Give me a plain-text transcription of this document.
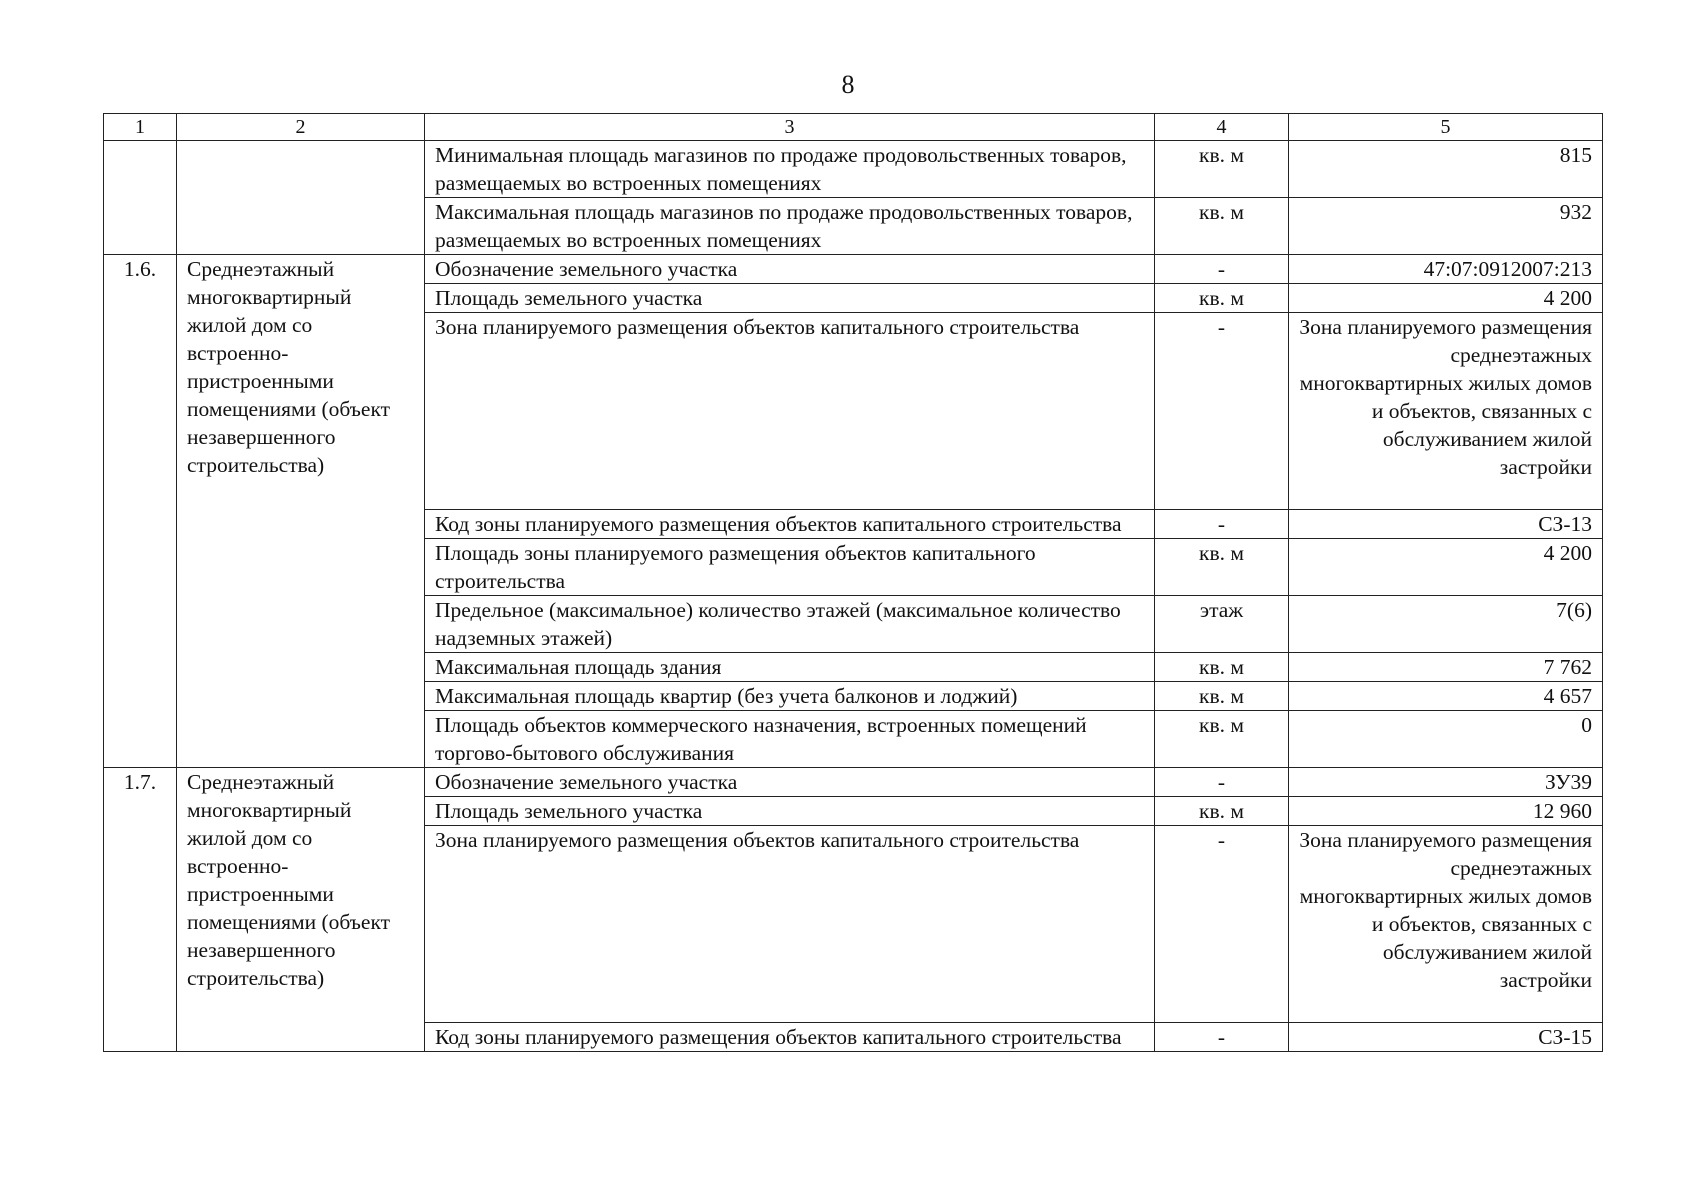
8
1	2	3	4	5
		Минимальная площадь магазинов по продаже продовольственных товаров, размещаемых во встроенных помещениях	кв. м	815
		Максимальная площадь магазинов по продаже продовольственных товаров, размещаемых во встроенных помещениях	кв. м	932
1.6.	Среднеэтажный многоквартирный жилой дом со встроенно-пристроенными помещениями (объект незавершенного строительства)	Обозначение земельного участка	-	47:07:0912007:213
		Площадь земельного участка	кв. м	4 200
		Зона планируемого размещения объектов капитального строительства	-	Зона планируемого размещения среднеэтажных многоквартирных жилых домов и объектов, связанных с обслуживанием жилой застройки
		Код зоны планируемого размещения объектов капитального строительства	-	СЗ-13
		Площадь зоны планируемого размещения объектов капитального строительства	кв. м	4 200
		Предельное (максимальное) количество этажей (максимальное количество надземных этажей)	этаж	7(6)
		Максимальная площадь здания	кв. м	7 762
		Максимальная площадь квартир (без учета балконов и лоджий)	кв. м	4 657
		Площадь объектов коммерческого назначения, встроенных помещений торгово-бытового обслуживания	кв. м	0
1.7.	Среднеэтажный многоквартирный жилой дом со встроенно-пристроенными помещениями (объект незавершенного строительства)	Обозначение земельного участка	-	ЗУ39
		Площадь земельного участка	кв. м	12 960
		Зона планируемого размещения объектов капитального строительства	-	Зона планируемого размещения среднеэтажных многоквартирных жилых домов и объектов, связанных с обслуживанием жилой застройки
		Код зоны планируемого размещения объектов капитального строительства	-	СЗ-15
